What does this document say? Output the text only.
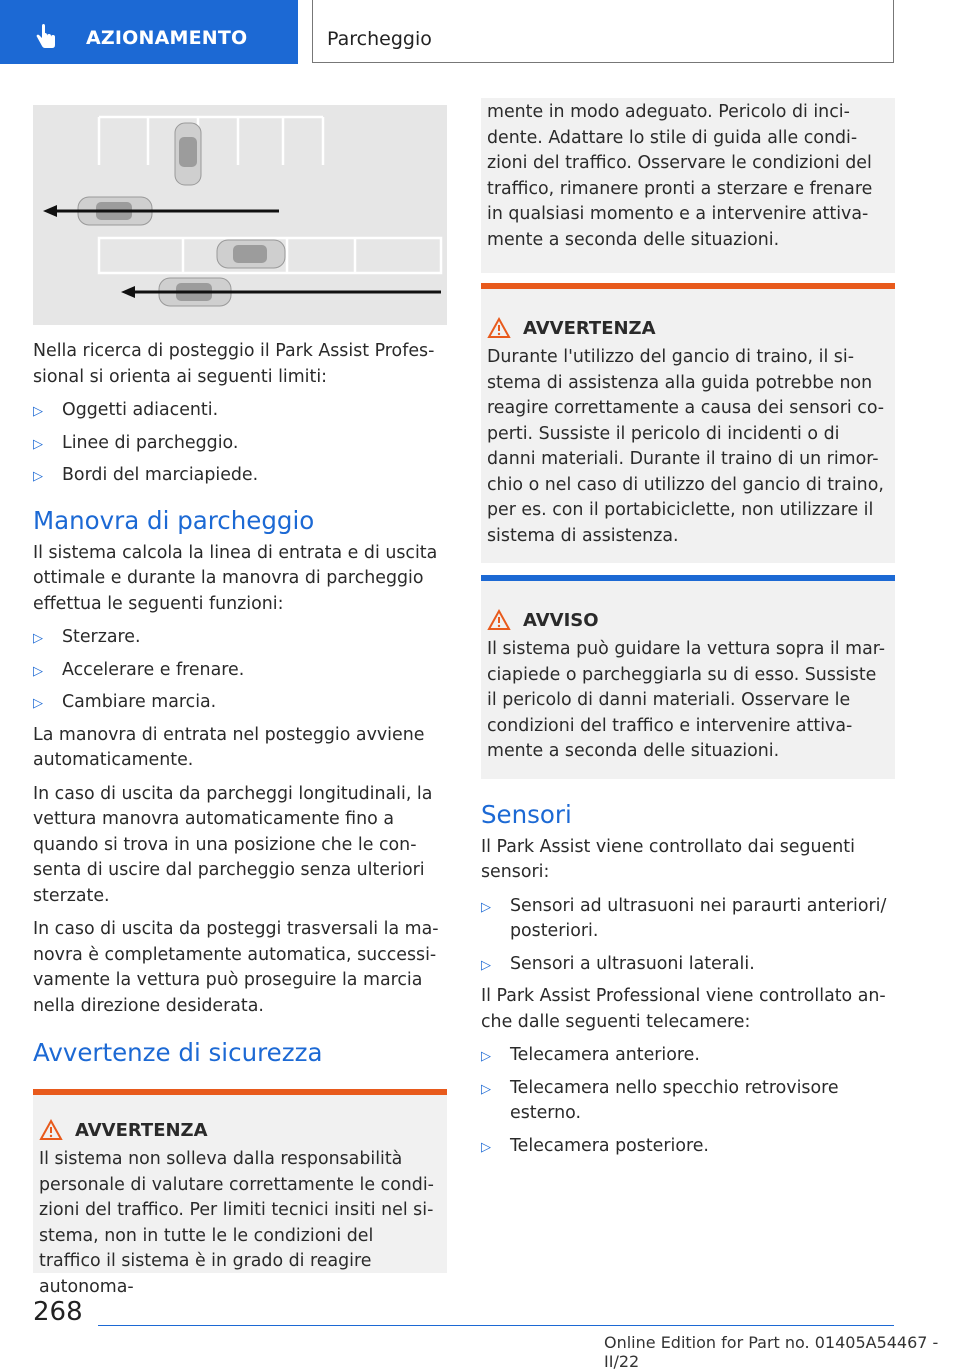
AZIONAMENTO	Parcheggio

Nella ricerca di posteggio il Park Assist Profes-sional si orienta ai seguenti limiti:

▷ Oggetti adiacenti.
▷ Linee di parcheggio.
▷ Bordi del marciapiede.
Manovra di parcheggio

Il sistema calcola la linea di entrata e di uscita ottimale e durante la manovra di parcheggio effettua le seguenti funzioni:

▷ Sterzare.
▷ Accelerare e frenare.
▷ Cambiare marcia.

La manovra di entrata nel posteggio avviene automaticamente.

In caso di uscita da parcheggi longitudinali, la vettura manovra automaticamente fino a quando si trova in una posizione che le con-senta di uscire dal parcheggio senza ulteriori sterzate.

In caso di uscita da posteggi trasversali la ma-novra è completamente automatica, successi-vamente la vettura può proseguire la marcia nella direzione desiderata.

Avvertenze di sicurezza
AVVERTENZA

Il sistema non solleva dalla responsabilità personale di valutare correttamente le condi-zioni del traffico. Per limiti tecnici insiti nel si-stema, non in tutte le le condizioni del traffico il sistema è in grado di reagire autonoma-

mente in modo adeguato. Pericolo di inci-dente. Adattare lo stile di guida alle condi-zioni del traffico. Osservare le condizioni del traffico, rimanere pronti a sterzare e frenare in qualsiasi momento e a intervenire attiva-mente a seconda delle situazioni.

AVVERTENZA

Durante l'utilizzo del gancio di traino, il si-stema di assistenza alla guida potrebbe non reagire correttamente a causa dei sensori co-perti. Sussiste il pericolo di incidenti o di danni materiali. Durante il traino di un rimor-chio o nel caso di utilizzo del gancio di traino, per es. con il portabiciclette, non utilizzare il sistema di assistenza.

AVVISO

Il sistema può guidare la vettura sopra il mar-ciapiede o parcheggiarla su di esso. Sussiste il pericolo di danni materiali. Osservare le condizioni del traffico e intervenire attiva-mente a seconda delle situazioni.

Sensori

Il Park Assist viene controllato dai seguenti sensori:

▷ Sensori ad ultrasuoni nei paraurti anteriori/ posteriori.
▷ Sensori a ultrasuoni laterali.

Il Park Assist Professional viene controllato an-che dalle seguenti telecamere:

▷ Telecamera anteriore.
▷ Telecamera nello specchio retrovisore esterno.
▷ Telecamera posteriore.
268
Online Edition for Part no. 01405A54467 - II/22
